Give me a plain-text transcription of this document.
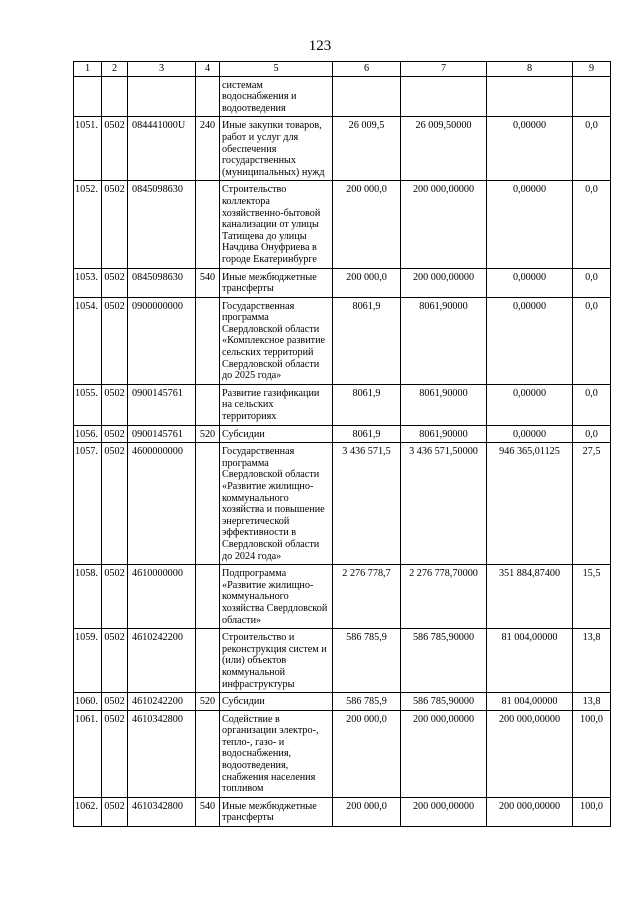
123
1	2	3	4	5	6	7	8	9
				системам водоснабжения и водоотведения				
1051.	0502	084441000U	240	Иные закупки товаров, работ и услуг для обеспечения государственных (муниципальных) нужд	26 009,5	26 009,50000	0,00000	0,0
1052.	0502	0845098630		Строительство коллектора хозяйственно-бытовой канализации от улицы Татищева до улицы Начдива Онуфриева в городе Екатеринбурге	200 000,0	200 000,00000	0,00000	0,0
1053.	0502	0845098630	540	Иные межбюджетные трансферты	200 000,0	200 000,00000	0,00000	0,0
1054.	0502	0900000000		Государственная программа Свердловской области «Комплексное развитие сельских территорий Свердловской области до 2025 года»	8061,9	8061,90000	0,00000	0,0
1055.	0502	0900145761		Развитие газификации на сельских территориях	8061,9	8061,90000	0,00000	0,0
1056.	0502	0900145761	520	Субсидии	8061,9	8061,90000	0,00000	0,0
1057.	0502	4600000000		Государственная программа Свердловской области «Развитие жилищно-коммунального хозяйства и повышение энергетической эффективности в Свердловской области до 2024 года»	3 436 571,5	3 436 571,50000	946 365,01125	27,5
1058.	0502	4610000000		Подпрограмма «Развитие жилищно-коммунального хозяйства Свердловской области»	2 276 778,7	2 276 778,70000	351 884,87400	15,5
1059.	0502	4610242200		Строительство и реконструкция систем и (или) объектов коммунальной инфраструктуры	586 785,9	586 785,90000	81 004,00000	13,8
1060.	0502	4610242200	520	Субсидии	586 785,9	586 785,90000	81 004,00000	13,8
1061.	0502	4610342800		Содействие в организации электро-, тепло-, газо- и водоснабжения, водоотведения, снабжения населения топливом	200 000,0	200 000,00000	200 000,00000	100,0
1062.	0502	4610342800	540	Иные межбюджетные трансферты	200 000,0	200 000,00000	200 000,00000	100,0
